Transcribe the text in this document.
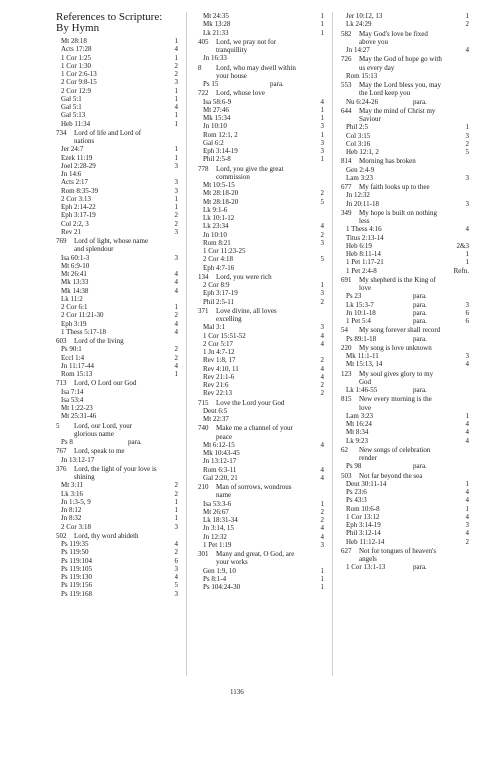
References to Scripture:
By Hymn
Mt 28:18	1
Acts 17:28	4
1 Cor 1:25	1
1 Cor 1:30	2
1 Cor 2:6-13	2
2 Cor 9:8-15	3
2 Cor 12:9	1
Gal 5:1	1
Gal 5:1	4
Gal 5:13	1
Heb 11:34	1
734 Lord of life and Lord of
nations
Jer 24:7	1
Ezek 11:19	1
Joel 2:28-29	3
Jn 14:6
Acts 2:17	3
Rom 8:35-39	3
2 Cor 3:13	1
Eph 2:14-22	1
Eph 3:17-19	2
Col 2:2, 3	2
Rev 21	3
769 Lord of light, whose name
and splendour
Isa 60:1-3	3
Mt 6:9-10
Mt 26:41	4
Mk 13:33	4
Mk 14:38	4
Lk 11:2
2 Cor 6:1	1
2 Cor 11:21-30	2
Eph 3:19	4
1 Thess 5:17-18	4
603 Lord of the living
Ps 90:1	2
Eccl 1:4	2
Jn 11:17-44	4
Rom 15:13	1
713 Lord, O Lord our God
Isa 7:14
Isa 53:4
Mt 1:22-23
Mt 25:31-46
5 Lord, our Lord, your
glorious name
Ps 8	para.
767 Lord, speak to me
Jn 13:12-17
376 Lord, the light of your love is
shining
Mt 3:11	2
Lk 3:16	2
Jn 1:3-5, 9	1
Jn 8:12	1
Jn 8:32	1
2 Cor 3:18	3
502 Lord, thy word abideth
Ps 119:35	4
Ps 119:50	2
Ps 119:104	6
Ps 119:105	3
Ps 119:130	4
Ps 119:156	5
Ps 119:168	3
Mt 24:35	1
Mk 13:28	1
Lk 21:33	1
405 Lord, we pray not for
tranquillity
Jn 16:33
8 Lord, who may dwell within
your house
Ps 15	para.
722 Lord, whose love
Isa 58:6-9	4
Mt 27:46	1
Mk 15:34	1
Jn 10:10	3
Rom 12:1, 2	1
Gal 6:2	3
Eph 3:14-19	3
Phil 2:5-8	1
778 Lord, you give the great
commission
Mt 10:5-15
Mt 28:18-20	2
Mt 28:18-20	5
Lk 9:1-6
Lk 10:1-12
Lk 23:34	4
Jn 10:10	2
Rom 8:21	3
1 Cor 11:23-25
2 Cor 4:18	5
Eph 4:7-16
134 Lord, you were rich
2 Cor 8:9	1
Eph 3:17-19	3
Phil 2:5-11	2
371 Love divine, all loves
excelling
Mal 3:1	3
1 Cor 15:51-52	4
2 Cor 5:17	4
1 Jn 4:7-12
Rev 1:8, 17	2
Rev 4:10, 11	4
Rev 21:1-6	4
Rev 21:6	2
Rev 22:13	2
715 Love the Lord your God
Deut 6:5
Mt 22:37
740 Make me a channel of your
peace
Mt 6:12-15	4
Mk 10:43-45
Jn 13:12-17
Rom 6:3-11	4
Gal 2:20, 21	4
210 Man of sorrows, wondrous
name
Isa 53:3-6	1
Mt 26:67	2
Lk 18:31-34	2
Jn 3:14, 15	4
Jn 12:32	4
1 Pet 1:19	3
301 Many and great, O God, are
your works
Gen 1:9, 10	1
Ps 8:1-4	1
Ps 104:24-30	1
Jer 10:12, 13	1
Lk 24:29	2
582 May God's love be fixed
above you
Jn 14:27	4
726 May the God of hope go with
us every day
Rom 15:13
553 May the Lord bless you, may
the Lord keep you
Nu 6:24-26	para.
644 May the mind of Christ my
Saviour
Phil 2:5	1
Col 3:15	3
Col 3:16	2
Heb 12:1, 2	5
814 Morning has broken
Gen 2:4-9
Lam 3:23	3
677 My faith looks up to thee
Jn 12:32
Jn 20:11-18	3
349 My hope is built on nothing
less
1 Thess 4:16	4
Titus 2:13-14
Heb 6:19	2&3
Heb 8:11-14	1
1 Pet 1:17-21	1
1 Pet 2:4-8	Refn.
691 My shepherd is the King of
love
Ps 23	para.
Lk 15:3-7	para.	3
Jn 10:1-18	para.	6
1 Pet 5:4	para.	6
54 My song forever shall record
Ps 89:1-18	para.
220 My song is love unknown
Mk 11:1-11	3
Mt 15:13, 14	4
123 My soul gives glory to my
God
Lk 1:46-55	para.
815 New every morning is the
love
Lam 3:23	1
Mt 16:24	4
Mt 8:34	4
Lk 9:23	4
62 New songs of celebration
render
Ps 98	para.
503 Not far beyond the sea
Deut 30:11-14	1
Ps 23:6	4
Ps 43:3	4
Rom 10:6-8	1
1 Cor 13:12	4
Eph 3:14-19	3
Phil 3:12-14	4
Heb 11:12-14	2
627 Not for tongues of heaven's
angels
1 Cor 13:1-13	para.
1136
